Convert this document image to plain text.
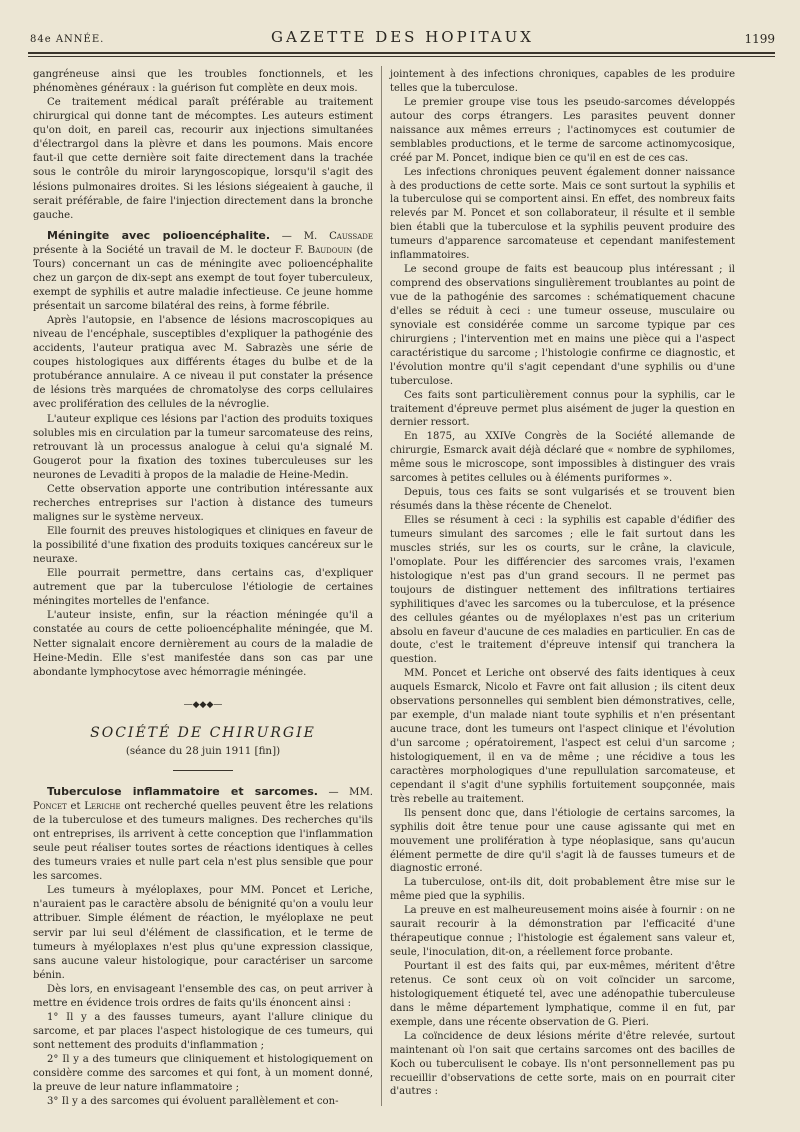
84e ANNÉE.	GAZETTE DES HOPITAUX	1199

gangréneuse ainsi que les troubles fonctionnels, et les phénomènes généraux : la guérison fut complète en deux mois.

Ce traitement médical paraît préférable au traitement chirurgical qui donne tant de mécomptes. Les auteurs estiment qu'on doit, en pareil cas, recourir aux injections simultanées d'électrargol dans la plèvre et dans les poumons. Mais encore faut-il que cette dernière soit faite directement dans la trachée sous le contrôle du miroir laryngoscopique, lorsqu'il s'agit des lésions pulmonaires droites. Si les lésions siégeaient à gauche, il serait préférable, de faire l'injection directement dans la bronche gauche.

Méningite avec polioencéphalite. — M. Caussade présente à la Société un travail de M. le docteur F. Baudouin (de Tours) concernant un cas de méningite avec polioencéphalite chez un garçon de dix-sept ans exempt de tout foyer tuberculeux, exempt de syphilis et autre maladie infectieuse. Ce jeune homme présentait un sarcome bilatéral des reins, à forme fébrile.

Après l'autopsie, en l'absence de lésions macroscopiques au niveau de l'encéphale, susceptibles d'expliquer la pathogénie des accidents, l'auteur pratiqua avec M. Sabrazès une série de coupes histologiques aux différents étages du bulbe et de la protubérance annulaire. A ce niveau il put constater la présence de lésions très marquées de chromatolyse des corps cellulaires avec prolifération des cellules de la névroglie.

L'auteur explique ces lésions par l'action des produits toxiques solubles mis en circulation par la tumeur sarcomateuse des reins, retrouvant là un processus analogue à celui qu'a signalé M. Gougerot pour la fixation des toxines tuberculeuses sur les neurones de Levaditi à propos de la maladie de Heine-Medin.

Cette observation apporte une contribution intéressante aux recherches entreprises sur l'action à distance des tumeurs malignes sur le système nerveux.

Elle fournit des preuves histologiques et cliniques en faveur de la possibilité d'une fixation des produits toxiques cancéreux sur le neuraxe.

Elle pourrait permettre, dans certains cas, d'expliquer autrement que par la tuberculose l'étiologie de certaines méningites mortelles de l'enfance.

L'auteur insiste, enfin, sur la réaction méningée qu'il a constatée au cours de cette polioencéphalite méningée, que M. Netter signalait encore dernièrement au cours de la maladie de Heine-Medin. Elle s'est manifestée dans son cas par une abondante lymphocytose avec hémorragie méningée.

—◆◆◆—
SOCIÉTÉ DE CHIRURGIE
(séance du 28 juin 1911 [fin])

Tuberculose inflammatoire et sarcomes. — MM. Poncet et Leriche ont recherché quelles peuvent être les relations de la tuberculose et des tumeurs malignes. Des recherches qu'ils ont entreprises, ils arrivent à cette conception que l'inflammation seule peut réaliser toutes sortes de réactions identiques à celles des tumeurs vraies et nulle part cela n'est plus sensible que pour les sarcomes.

Les tumeurs à myéloplaxes, pour MM. Poncet et Leriche, n'auraient pas le caractère absolu de bénignité qu'on a voulu leur attribuer. Simple élément de réaction, le myéloplaxe ne peut servir par lui seul d'élément de classification, et le terme de tumeurs à myéloplaxes n'est plus qu'une expression classique, sans aucune valeur histologique, pour caractériser un sarcome bénin.

Dès lors, en envisageant l'ensemble des cas, on peut arriver à mettre en évidence trois ordres de faits qu'ils énoncent ainsi :

1° Il y a des fausses tumeurs, ayant l'allure clinique du sarcome, et par places l'aspect histologique de ces tumeurs, qui sont nettement des produits d'inflammation ;

2° Il y a des tumeurs que cliniquement et histologiquement on considère comme des sarcomes et qui font, à un moment donné, la preuve de leur nature inflammatoire ;

3° Il y a des sarcomes qui évoluent parallèlement et con-

jointement à des infections chroniques, capables de les produire telles que la tuberculose.

Le premier groupe vise tous les pseudo-sarcomes développés autour des corps étrangers. Les parasites peuvent donner naissance aux mêmes erreurs ; l'actinomyces est coutumier de semblables productions, et le terme de sarcome actinomycosique, créé par M. Poncet, indique bien ce qu'il en est de ces cas.

Les infections chroniques peuvent également donner naissance à des productions de cette sorte. Mais ce sont surtout la syphilis et la tuberculose qui se comportent ainsi. En effet, des nombreux faits relevés par M. Poncet et son collaborateur, il résulte et il semble bien établi que la tuberculose et la syphilis peuvent produire des tumeurs d'apparence sarcomateuse et cependant manifestement inflammatoires.

Le second groupe de faits est beaucoup plus intéressant ; il comprend des observations singulièrement troublantes au point de vue de la pathogénie des sarcomes : schématiquement chacune d'elles se réduit à ceci : une tumeur osseuse, musculaire ou synoviale est considérée comme un sarcome typique par ces chirurgiens ; l'intervention met en mains une pièce qui a l'aspect caractéristique du sarcome ; l'histologie confirme ce diagnostic, et l'évolution montre qu'il s'agit cependant d'une syphilis ou d'une tuberculose.

Ces faits sont particulièrement connus pour la syphilis, car le traitement d'épreuve permet plus aisément de juger la question en dernier ressort.

En 1875, au XXIVe Congrès de la Société allemande de chirurgie, Esmarck avait déjà déclaré que « nombre de syphilomes, même sous le microscope, sont impossibles à distinguer des vrais sarcomes à petites cellules ou à éléments puriformes ».

Depuis, tous ces faits se sont vulgarisés et se trouvent bien résumés dans la thèse récente de Chenelot.

Elles se résument à ceci : la syphilis est capable d'édifier des tumeurs simulant des sarcomes ; elle le fait surtout dans les muscles striés, sur les os courts, sur le crâne, la clavicule, l'omoplate. Pour les différencier des sarcomes vrais, l'examen histologique n'est pas d'un grand secours. Il ne permet pas toujours de distinguer nettement des infiltrations tertiaires syphilitiques d'avec les sarcomes ou la tuberculose, et la présence des cellules géantes ou de myéloplaxes n'est pas un criterium absolu en faveur d'aucune de ces maladies en particulier. En cas de doute, c'est le traitement d'épreuve intensif qui tranchera la question.

MM. Poncet et Leriche ont observé des faits identiques à ceux auquels Esmarck, Nicolo et Favre ont fait allusion ; ils citent deux observations personnelles qui semblent bien démonstratives, celle, par exemple, d'un malade niant toute syphilis et n'en présentant aucune trace, dont les tumeurs ont l'aspect clinique et l'évolution d'un sarcome ; opératoirement, l'aspect est celui d'un sarcome ; histologiquement, il en va de même ; une récidive a tous les caractères morphologiques d'une repullulation sarcomateuse, et cependant il s'agit d'une syphilis fortuitement soupçonnée, mais très rebelle au traitement.

Ils pensent donc que, dans l'étiologie de certains sarcomes, la syphilis doit être tenue pour une cause agissante qui met en mouvement une prolifération à type néoplasique, sans qu'aucun élément permette de dire qu'il s'agit là de fausses tumeurs et de diagnostic erroné.

La tuberculose, ont-ils dit, doit probablement être mise sur le même pied que la syphilis.

La preuve en est malheureusement moins aisée à fournir : on ne saurait recourir à la démonstration par l'efficacité d'une thérapeutique connue ; l'histologie est également sans valeur et, seule, l'inoculation, dit-on, a réellement force probante.

Pourtant il est des faits qui, par eux-mêmes, méritent d'être retenus. Ce sont ceux où on voit coïncider un sarcome, histologiquement étiqueté tel, avec une adénopathie tuberculeuse dans le même département lymphatique, comme il en fut, par exemple, dans une récente observation de G. Pieri.

La coïncidence de deux lésions mérite d'être relevée, surtout maintenant où l'on sait que certains sarcomes ont des bacilles de Koch ou tuberculisent le cobaye. Ils n'ont personnellement pas pu recueillir d'observations de cette sorte, mais on en pourrait citer d'autres :
